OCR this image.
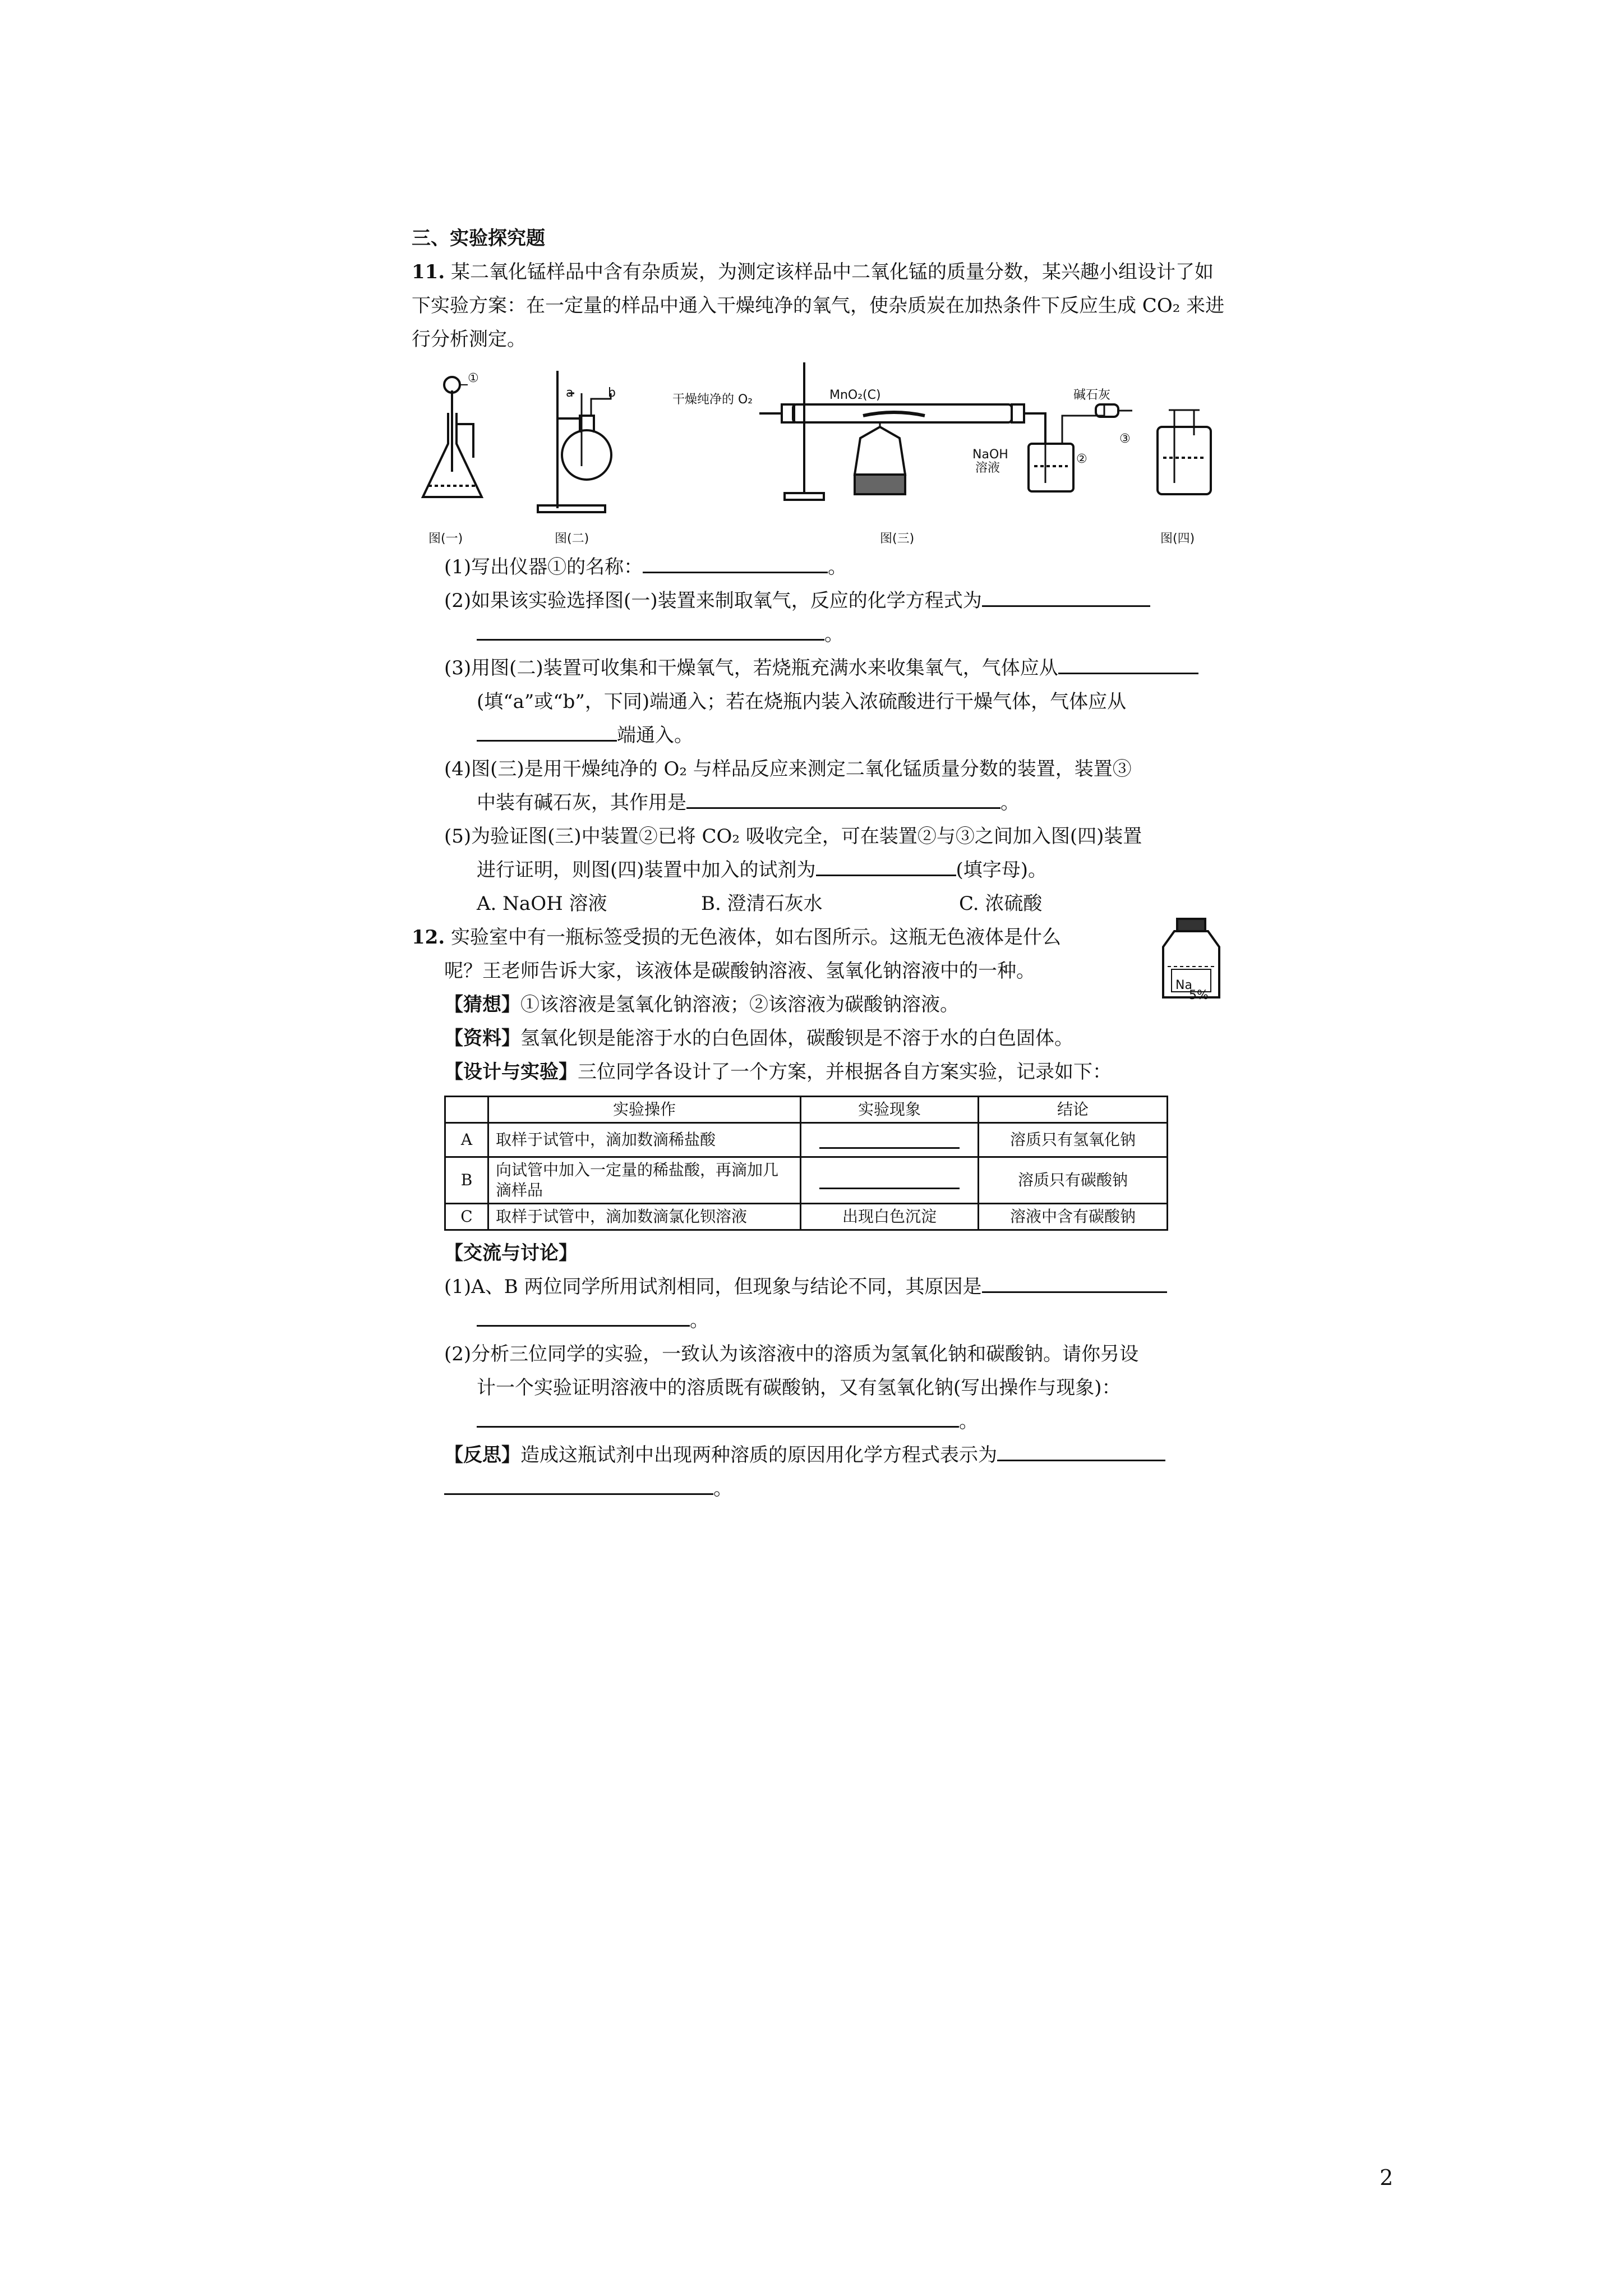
三、实验探究题

11. 某二氧化锰样品中含有杂质炭，为测定该样品中二氧化锰的质量分数，某兴趣小组设计了如下实验方案：在一定量的样品中通入干燥纯净的氧气，使杂质炭在加热条件下反应生成 CO₂ 来进行分析测定。

①
a	b	干燥纯净的 O₂	MnO₂(C)	碱石灰
NaOH
溶液
②
③
图(一)	图(二)	图(三)	图(四)

(1)写出仪器①的名称：	。

(2)如果该实验选择图(一)装置来制取氧气，反应的化学方程式为

。

(3)用图(二)装置可收集和干燥氧气，若烧瓶充满水来收集氧气，气体应从

(填“a”或“b”，下同)端通入；若在烧瓶内装入浓硫酸进行干燥气体，气体应从

端通入。

(4)图(三)是用干燥纯净的 O₂ 与样品反应来测定二氧化锰质量分数的装置，装置③

中装有碱石灰，其作用是	。

(5)为验证图(三)中装置②已将 CO₂ 吸收完全，可在装置②与③之间加入图(四)装置

进行证明，则图(四)装置中加入的试剂为	(填字母)。

A. NaOH 溶液	B. 澄清石灰水	C. 浓硫酸

12. 实验室中有一瓶标签受损的无色液体，如右图所示。这瓶无色液体是什么

呢？王老师告诉大家，该液体是碳酸钠溶液、氢氧化钠溶液中的一种。

Na
5%

【猜想】①该溶液是氢氧化钠溶液；②该溶液为碳酸钠溶液。

【资料】氢氧化钡是能溶于水的白色固体，碳酸钡是不溶于水的白色固体。

【设计与实验】三位同学各设计了一个方案，并根据各自方案实验，记录如下：

	实验操作	实验现象	结论
A	取样于试管中，滴加数滴稀盐酸		溶质只有氢氧化钠
B	向试管中加入一定量的稀盐酸，再滴加几滴样品		溶质只有碳酸钠
C	取样于试管中，滴加数滴氯化钡溶液	出现白色沉淀	溶液中含有碳酸钠

【交流与讨论】

(1)A、B 两位同学所用试剂相同，但现象与结论不同，其原因是

。

(2)分析三位同学的实验，一致认为该溶液中的溶质为氢氧化钠和碳酸钠。请你另设

计一个实验证明溶液中的溶质既有碳酸钠，又有氢氧化钠(写出操作与现象)：

。

【反思】造成这瓶试剂中出现两种溶质的原因用化学方程式表示为

。

2
